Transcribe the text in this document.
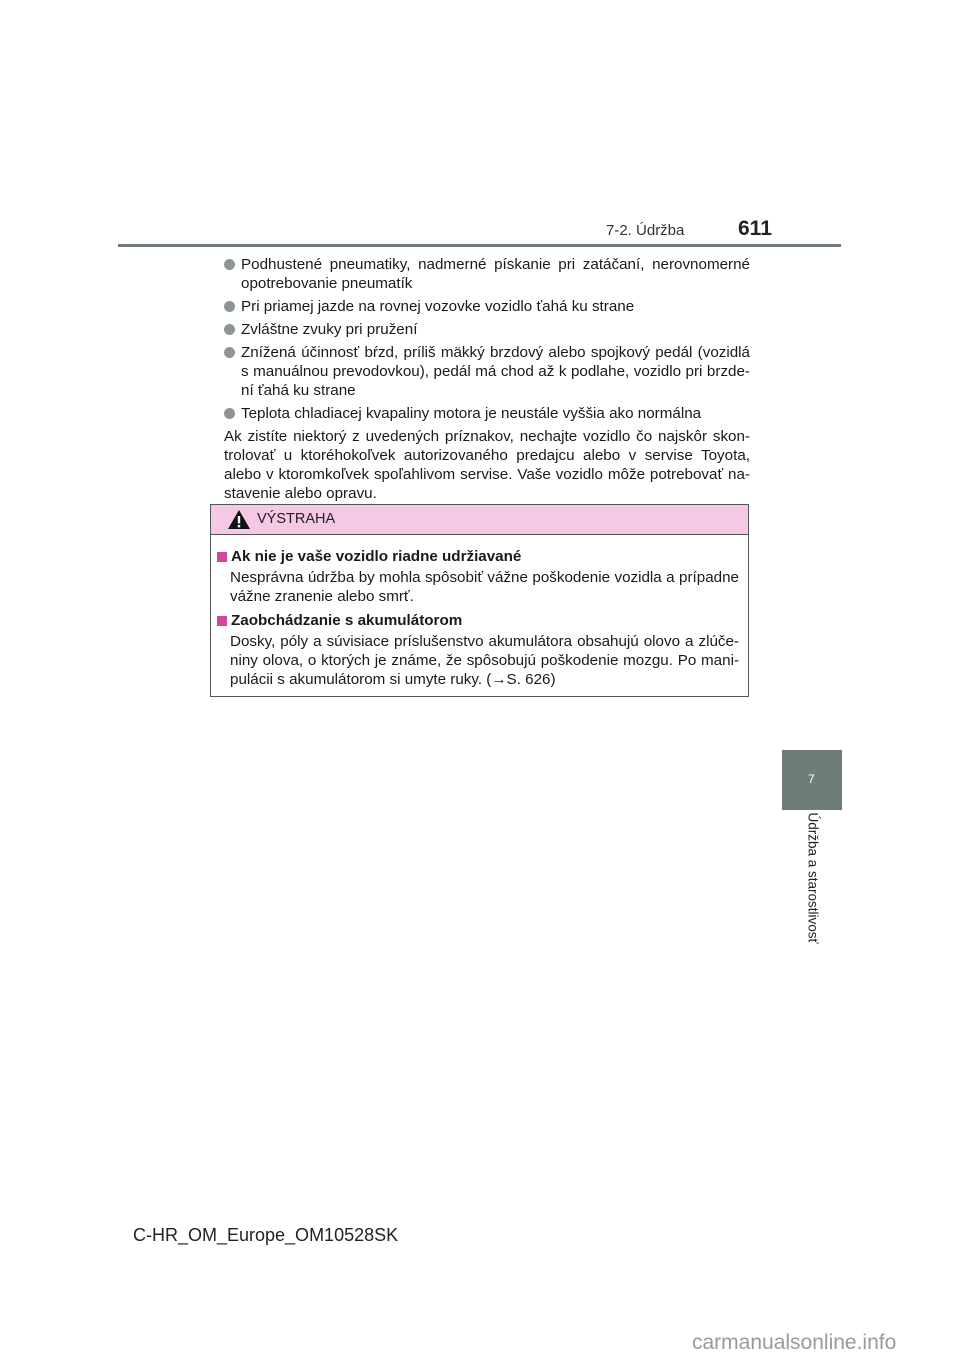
7-2. Údržba	611
Podhustené pneumatiky, nadmerné pískanie pri zatáčaní, nerovnomerné opotrebovanie pneumatík
Pri priamej jazde na rovnej vozovke vozidlo ťahá ku strane
Zvláštne zvuky pri pružení
Znížená účinnosť bŕzd, príliš mäkký brzdový alebo spojkový pedál (vozidlá s manuálnou prevodovkou), pedál má chod až k podlahe, vozidlo pri brzde-ní ťahá ku strane
Teplota chladiacej kvapaliny motora je neustále vyššia ako normálna
Ak zistíte niektorý z uvedených príznakov, nechajte vozidlo čo najskôr skon-trolovať u ktoréhokoľvek autorizovaného predajcu alebo v servise Toyota, alebo v ktoromkoľvek spoľahlivom servise. Vaše vozidlo môže potrebovať na-stavenie alebo opravu.
VÝSTRAHA
Ak nie je vaše vozidlo riadne udržiavané
Nesprávna údržba by mohla spôsobiť vážne poškodenie vozidla a prípadne vážne zranenie alebo smrť.
Zaobchádzanie s akumulátorom
Dosky, póly a súvisiace príslušenstvo akumulátora obsahujú olovo a zlúče-niny olova, o ktorých je známe, že spôsobujú poškodenie mozgu. Po mani-pulácii s akumulátorom si umyte ruky. (→S. 626)
7
Údržba a starostlivosť
C-HR_OM_Europe_OM10528SK
carmanualsonline.info
